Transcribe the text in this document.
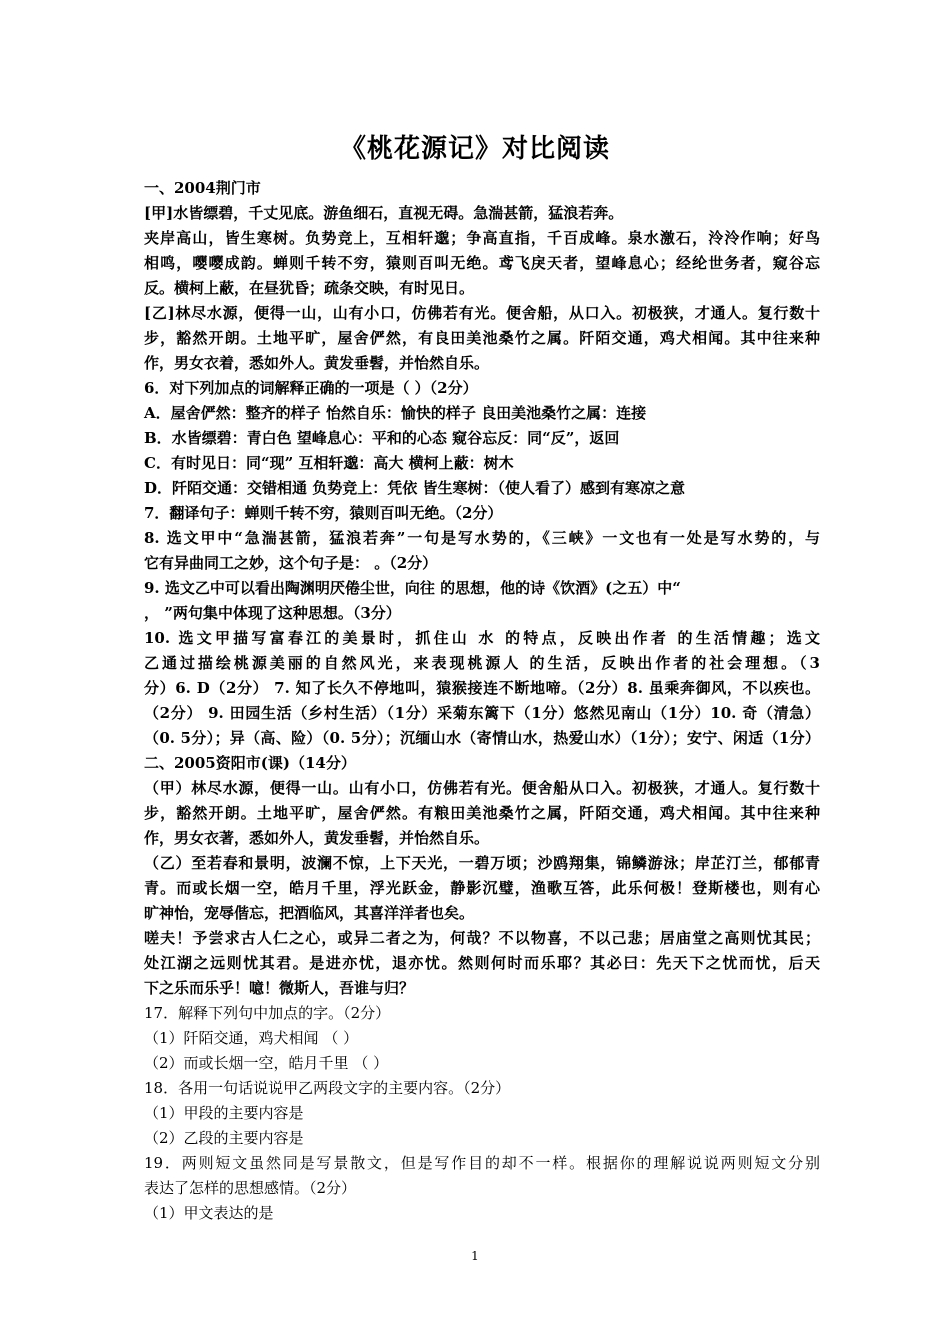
《桃花源记》对比阅读
一、2004荆门市
[甲]水皆缥碧，千丈见底。游鱼细石，直视无碍。急湍甚箭，猛浪若奔。
夹岸高山，皆生寒树。负势竞上，互相轩邈；争高直指，千百成峰。泉水激石，泠泠作响；好鸟
相鸣，嘤嘤成韵。蝉则千转不穷，猿则百叫无绝。鸢飞戾天者，望峰息心；经纶世务者，窥谷忘
反。横柯上蔽，在昼犹昏；疏条交映，有时见日。
[乙]林尽水源，便得一山，山有小口，仿佛若有光。便舍船，从口入。初极狭，才通人。复行数十
步，豁然开朗。土地平旷，屋舍俨然，有良田美池桑竹之属。阡陌交通，鸡犬相闻。其中往来种
作，男女衣着，悉如外人。黄发垂髫，并怡然自乐。
6．对下列加点的词解释正确的一项是（ ）（2分）
A．屋舍俨然：整齐的样子 怡然自乐：愉快的样子 良田美池桑竹之属：连接
B．水皆缥碧：青白色 望峰息心：平和的心态 窥谷忘反：同“反”，返回
C．有时见日：同“现” 互相轩邈：高大 横柯上蔽：树木
D．阡陌交通：交错相通 负势竞上：凭依 皆生寒树：（使人看了）感到有寒凉之意
7．翻译句子：蝉则千转不穷，猿则百叫无绝。（2分）
8. 选文甲中“急湍甚箭，猛浪若奔”一句是写水势的，《三峡》一文也有一处是写水势的，与
它有异曲同工之妙，这个句子是： 。（2分）
9. 选文乙中可以看出陶渊明厌倦尘世，向往 的思想，他的诗《饮酒》(之五）中“
， ”两句集中体现了这种思想。（3分）
10. 选文甲描写富春江的美景时，抓住山 水 的特点，反映出作者 的生活情趣；选文
乙通过描绘桃源美丽的自然风光，来表现桃源人 的生活，反映出作者的社会理想。（3
分）6. D（2分） 7. 知了长久不停地叫，猿猴接连不断地啼。（2分）8. 虽乘奔御风，不以疾也。
（2分） 9. 田园生活（乡村生活）（1分）采菊东篱下（1分）悠然见南山（1分）10. 奇（清急）
（0. 5分）；异（高、险）（0. 5分）；沉缅山水（寄情山水，热爱山水）（1分）；安宁、闲适（1分）
二、2005资阳市(课)（14分）
（甲）林尽水源，便得一山。山有小口，仿佛若有光。便舍船从口入。初极狭，才通人。复行数十
步，豁然开朗。土地平旷，屋舍俨然。有粮田美池桑竹之属，阡陌交通，鸡犬相闻。其中往来种
作，男女衣著，悉如外人，黄发垂髫，并怡然自乐。
（乙）至若春和景明，波澜不惊，上下天光，一碧万顷；沙鸥翔集，锦鳞游泳；岸芷汀兰，郁郁青
青。而或长烟一空，皓月千里，浮光跃金，静影沉璧，渔歌互答，此乐何极！登斯楼也，则有心
旷神怡，宠辱偕忘，把酒临风，其喜洋洋者也矣。
嗟夫！予尝求古人仁之心，或异二者之为，何哉？不以物喜，不以己悲；居庙堂之高则忧其民；
处江湖之远则忧其君。是进亦忧，退亦忧。然则何时而乐耶？其必曰：先天下之忧而忧，后天
下之乐而乐乎！噫！微斯人，吾谁与归？
17．解释下列句中加点的字。（2分）
（1）阡陌交通，鸡犬相闻 （ ）
（2）而或长烟一空，皓月千里 （ ）
18．各用一句话说说甲乙两段文字的主要内容。（2分）
（1）甲段的主要内容是
（2）乙段的主要内容是
19．两则短文虽然同是写景散文，但是写作目的却不一样。根据你的理解说说两则短文分别
表达了怎样的思想感情。（2分）
（1）甲文表达的是
1
